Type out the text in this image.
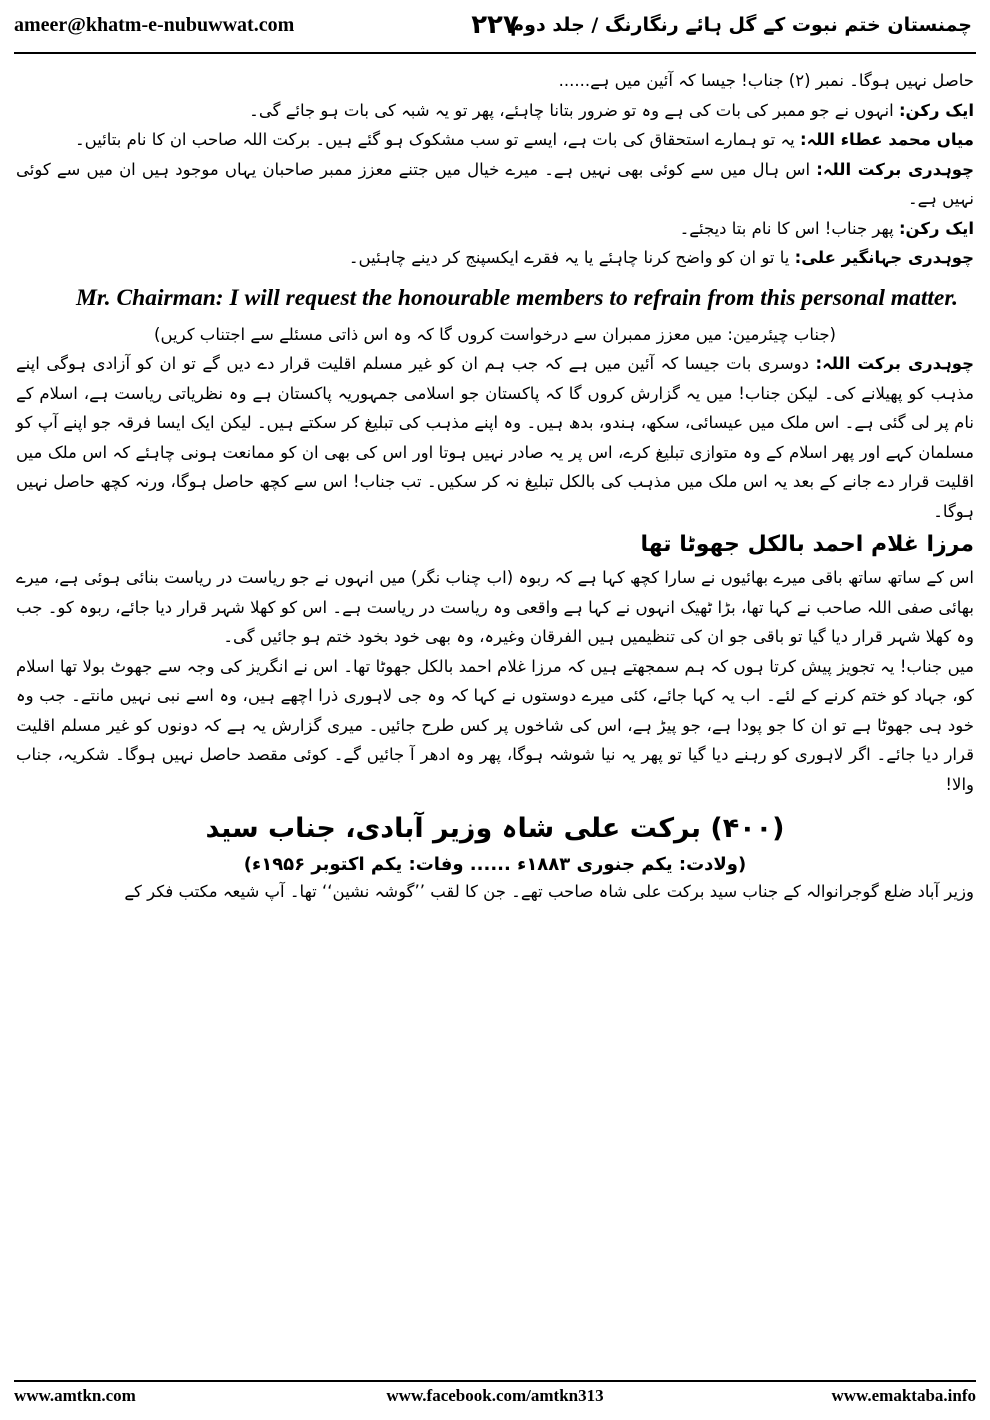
ameer@khatm-e-nubuwwat.com	۲۲۷
چمنستان ختم نبوت کے گل ہائے رنگارنگ / جلد دوم

حاصل نہیں ہوگا۔ نمبر (۲) جناب! جیسا کہ آئین میں ہے......

ایک رکن: انہوں نے جو ممبر کی بات کی ہے وہ تو ضرور بتانا چاہئے، پھر تو یہ شبہ کی بات ہو جائے گی۔

میاں محمد عطاء اللہ: یہ تو ہمارے استحقاق کی بات ہے، ایسے تو سب مشکوک ہو گئے ہیں۔ برکت اللہ صاحب ان کا نام بتائیں۔

چوہدری برکت اللہ: اس ہال میں سے کوئی بھی نہیں ہے۔ میرے خیال میں جتنے معزز ممبر صاحبان یہاں موجود ہیں ان میں سے کوئی نہیں ہے۔

ایک رکن: پھر جناب! اس کا نام بتا دیجئے۔

چوہدری جہانگیر علی: یا تو ان کو واضح کرنا چاہئے یا یہ فقرے ایکسپنج کر دینے چاہئیں۔

Mr. Chairman: I will request the honourable members to refrain from this personal matter.

(جناب چیئرمین: میں معزز ممبران سے درخواست کروں گا کہ وہ اس ذاتی مسئلے سے اجتناب کریں)

چوہدری برکت اللہ: دوسری بات جیسا کہ آئین میں ہے کہ جب ہم ان کو غیر مسلم اقلیت قرار دے دیں گے تو ان کو آزادی ہوگی اپنے مذہب کو پھیلانے کی۔ لیکن جناب! میں یہ گزارش کروں گا کہ پاکستان جو اسلامی جمہوریہ پاکستان ہے وہ نظریاتی ریاست ہے، اسلام کے نام پر لی گئی ہے۔ اس ملک میں عیسائی، سکھ، ہندو، بدھ ہیں۔ وہ اپنے مذہب کی تبلیغ کر سکتے ہیں۔ لیکن ایک ایسا فرقہ جو اپنے آپ کو مسلمان کہے اور پھر اسلام کے وہ متوازی تبلیغ کرے، اس پر یہ صادر نہیں ہوتا اور اس کی بھی ان کو ممانعت ہونی چاہئے کہ اس ملک میں اقلیت قرار دے جانے کے بعد یہ اس ملک میں مذہب کی بالکل تبلیغ نہ کر سکیں۔ تب جناب! اس سے کچھ حاصل ہوگا، ورنہ کچھ حاصل نہیں ہوگا۔

مرزا غلام احمد بالکل جھوٹا تھا

اس کے ساتھ ساتھ باقی میرے بھائیوں نے سارا کچھ کہا ہے کہ ربوہ (اب چناب نگر) میں انہوں نے جو ریاست در ریاست بنائی ہوئی ہے، میرے بھائی صفی اللہ صاحب نے کہا تھا، بڑا ٹھیک انہوں نے کہا ہے واقعی وہ ریاست در ریاست ہے۔ اس کو کھلا شہر قرار دیا جائے، ربوہ کو۔ جب وہ کھلا شہر قرار دیا گیا تو باقی جو ان کی تنظیمیں ہیں الفرقان وغیرہ، وہ بھی خود بخود ختم ہو جائیں گی۔

میں جناب! یہ تجویز پیش کرتا ہوں کہ ہم سمجھتے ہیں کہ مرزا غلام احمد بالکل جھوٹا تھا۔ اس نے انگریز کی وجہ سے جھوٹ بولا تھا اسلام کو، جہاد کو ختم کرنے کے لئے۔ اب یہ کہا جائے، کئی میرے دوستوں نے کہا کہ وہ جی لاہوری ذرا اچھے ہیں، وہ اسے نبی نہیں مانتے۔ جب وہ خود ہی جھوٹا ہے تو ان کا جو پودا ہے، جو پیڑ ہے، اس کی شاخوں پر کس طرح جائیں۔ میری گزارش یہ ہے کہ دونوں کو غیر مسلم اقلیت قرار دیا جائے۔ اگر لاہوری کو رہنے دیا گیا تو پھر یہ نیا شوشہ ہوگا، پھر وہ ادھر آ جائیں گے۔ کوئی مقصد حاصل نہیں ہوگا۔ شکریہ، جناب والا!

(۴۰۰) برکت علی شاہ وزیر آبادی، جناب سید
(ولادت: یکم جنوری ۱۸۸۳ء ...... وفات: یکم اکتوبر ۱۹۵۶ء)

وزیر آباد ضلع گوجرانوالہ کے جناب سید برکت علی شاہ صاحب تھے۔ جن کا لقب ’’گوشہ نشین‘‘ تھا۔ آپ شیعہ مکتب فکر کے

www.amtkn.com	www.facebook.com/amtkn313	www.emaktaba.info
